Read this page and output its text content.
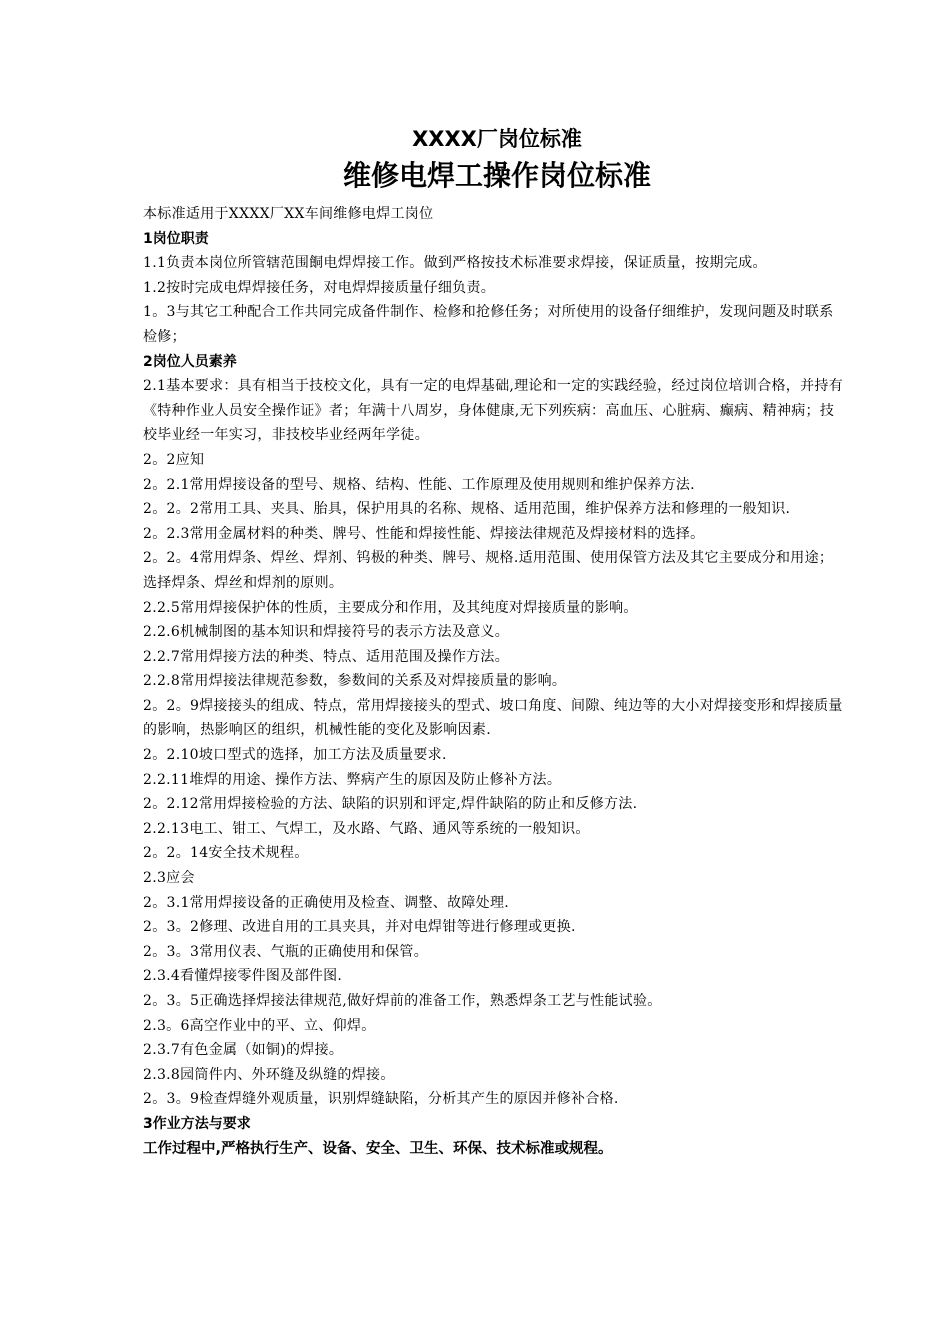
XXXX厂岗位标准
维修电焊工操作岗位标准

本标准适用于XXXX厂XX车间维修电焊工岗位

1岗位职责

1.1负责本岗位所管辖范围餇电焊焊接工作。做到严格按技术标准要求焊接，保证质量，按期完成。

1.2按时完成电焊焊接任务，对电焊焊接质量仔细负责。

1。3与其它工种配合工作共同完成备件制作、检修和抢修任务；对所使用的设备仔细维护，发现问题及时联系检修；

2岗位人员素养

2.1基本要求：具有相当于技校文化，具有一定的电焊基础,理论和一定的实践经验，经过岗位培训合格，并持有《特种作业人员安全操作证》者；年满十八周岁，身体健康,无下列疾病：高血压、心脏病、癫病、精神病；技校毕业经一年实习，非技校毕业经两年学徒。

2。2应知

2。2.1常用焊接设备的型号、规格、结构、性能、工作原理及使用规则和维护保养方法.

2。2。2常用工具、夹具、胎具，保护用具的名称、规格、适用范围，维护保养方法和修理的一般知识.

2。2.3常用金属材料的种类、牌号、性能和焊接性能、焊接法律规范及焊接材料的选择。

2。2。4常用焊条、焊丝、焊剂、钨极的种类、牌号、规格.适用范围、使用保管方法及其它主要成分和用途；选择焊条、焊丝和焊剂的原则。

2.2.5常用焊接保护体的性质，主要成分和作用，及其纯度对焊接质量的影响。

2.2.6机械制图的基本知识和焊接符号的表示方法及意义。

2.2.7常用焊接方法的种类、特点、适用范围及操作方法。

2.2.8常用焊接法律规范参数，参数间的关系及对焊接质量的影响。

2。2。9焊接接头的组成、特点，常用焊接接头的型式、坡口角度、间隙、纯边等的大小对焊接变形和焊接质量的影响，热影响区的组织，机械性能的变化及影响因素.

2。2.10坡口型式的选择，加工方法及质量要求.

2.2.11堆焊的用途、操作方法、弊病产生的原因及防止修补方法。

2。2.12常用焊接检验的方法、缺陷的识别和评定,焊件缺陷的防止和反修方法.

2.2.13电工、钳工、气焊工，及水路、气路、通风等系统的一般知识。

2。2。14安全技术规程。

2.3应会

2。3.1常用焊接设备的正确使用及检查、调整、故障处理.

2。3。2修理、改进自用的工具夹具，并对电焊钳等进行修理或更换.

2。3。3常用仪表、气瓶的正确使用和保管。

2.3.4看懂焊接零件图及部件图.

2。3。5正确选择焊接法律规范,做好焊前的准备工作，熟悉焊条工艺与性能试验。

2.3。6高空作业中的平、立、仰焊。

2.3.7有色金属（如铜)的焊接。

2.3.8园筒件内、外环缝及纵缝的焊接。

2。3。9检查焊缝外观质量，识别焊缝缺陷，分析其产生的原因并修补合格.

3作业方法与要求

工作过程中,严格执行生产、设备、安全、卫生、环保、技术标准或规程。
